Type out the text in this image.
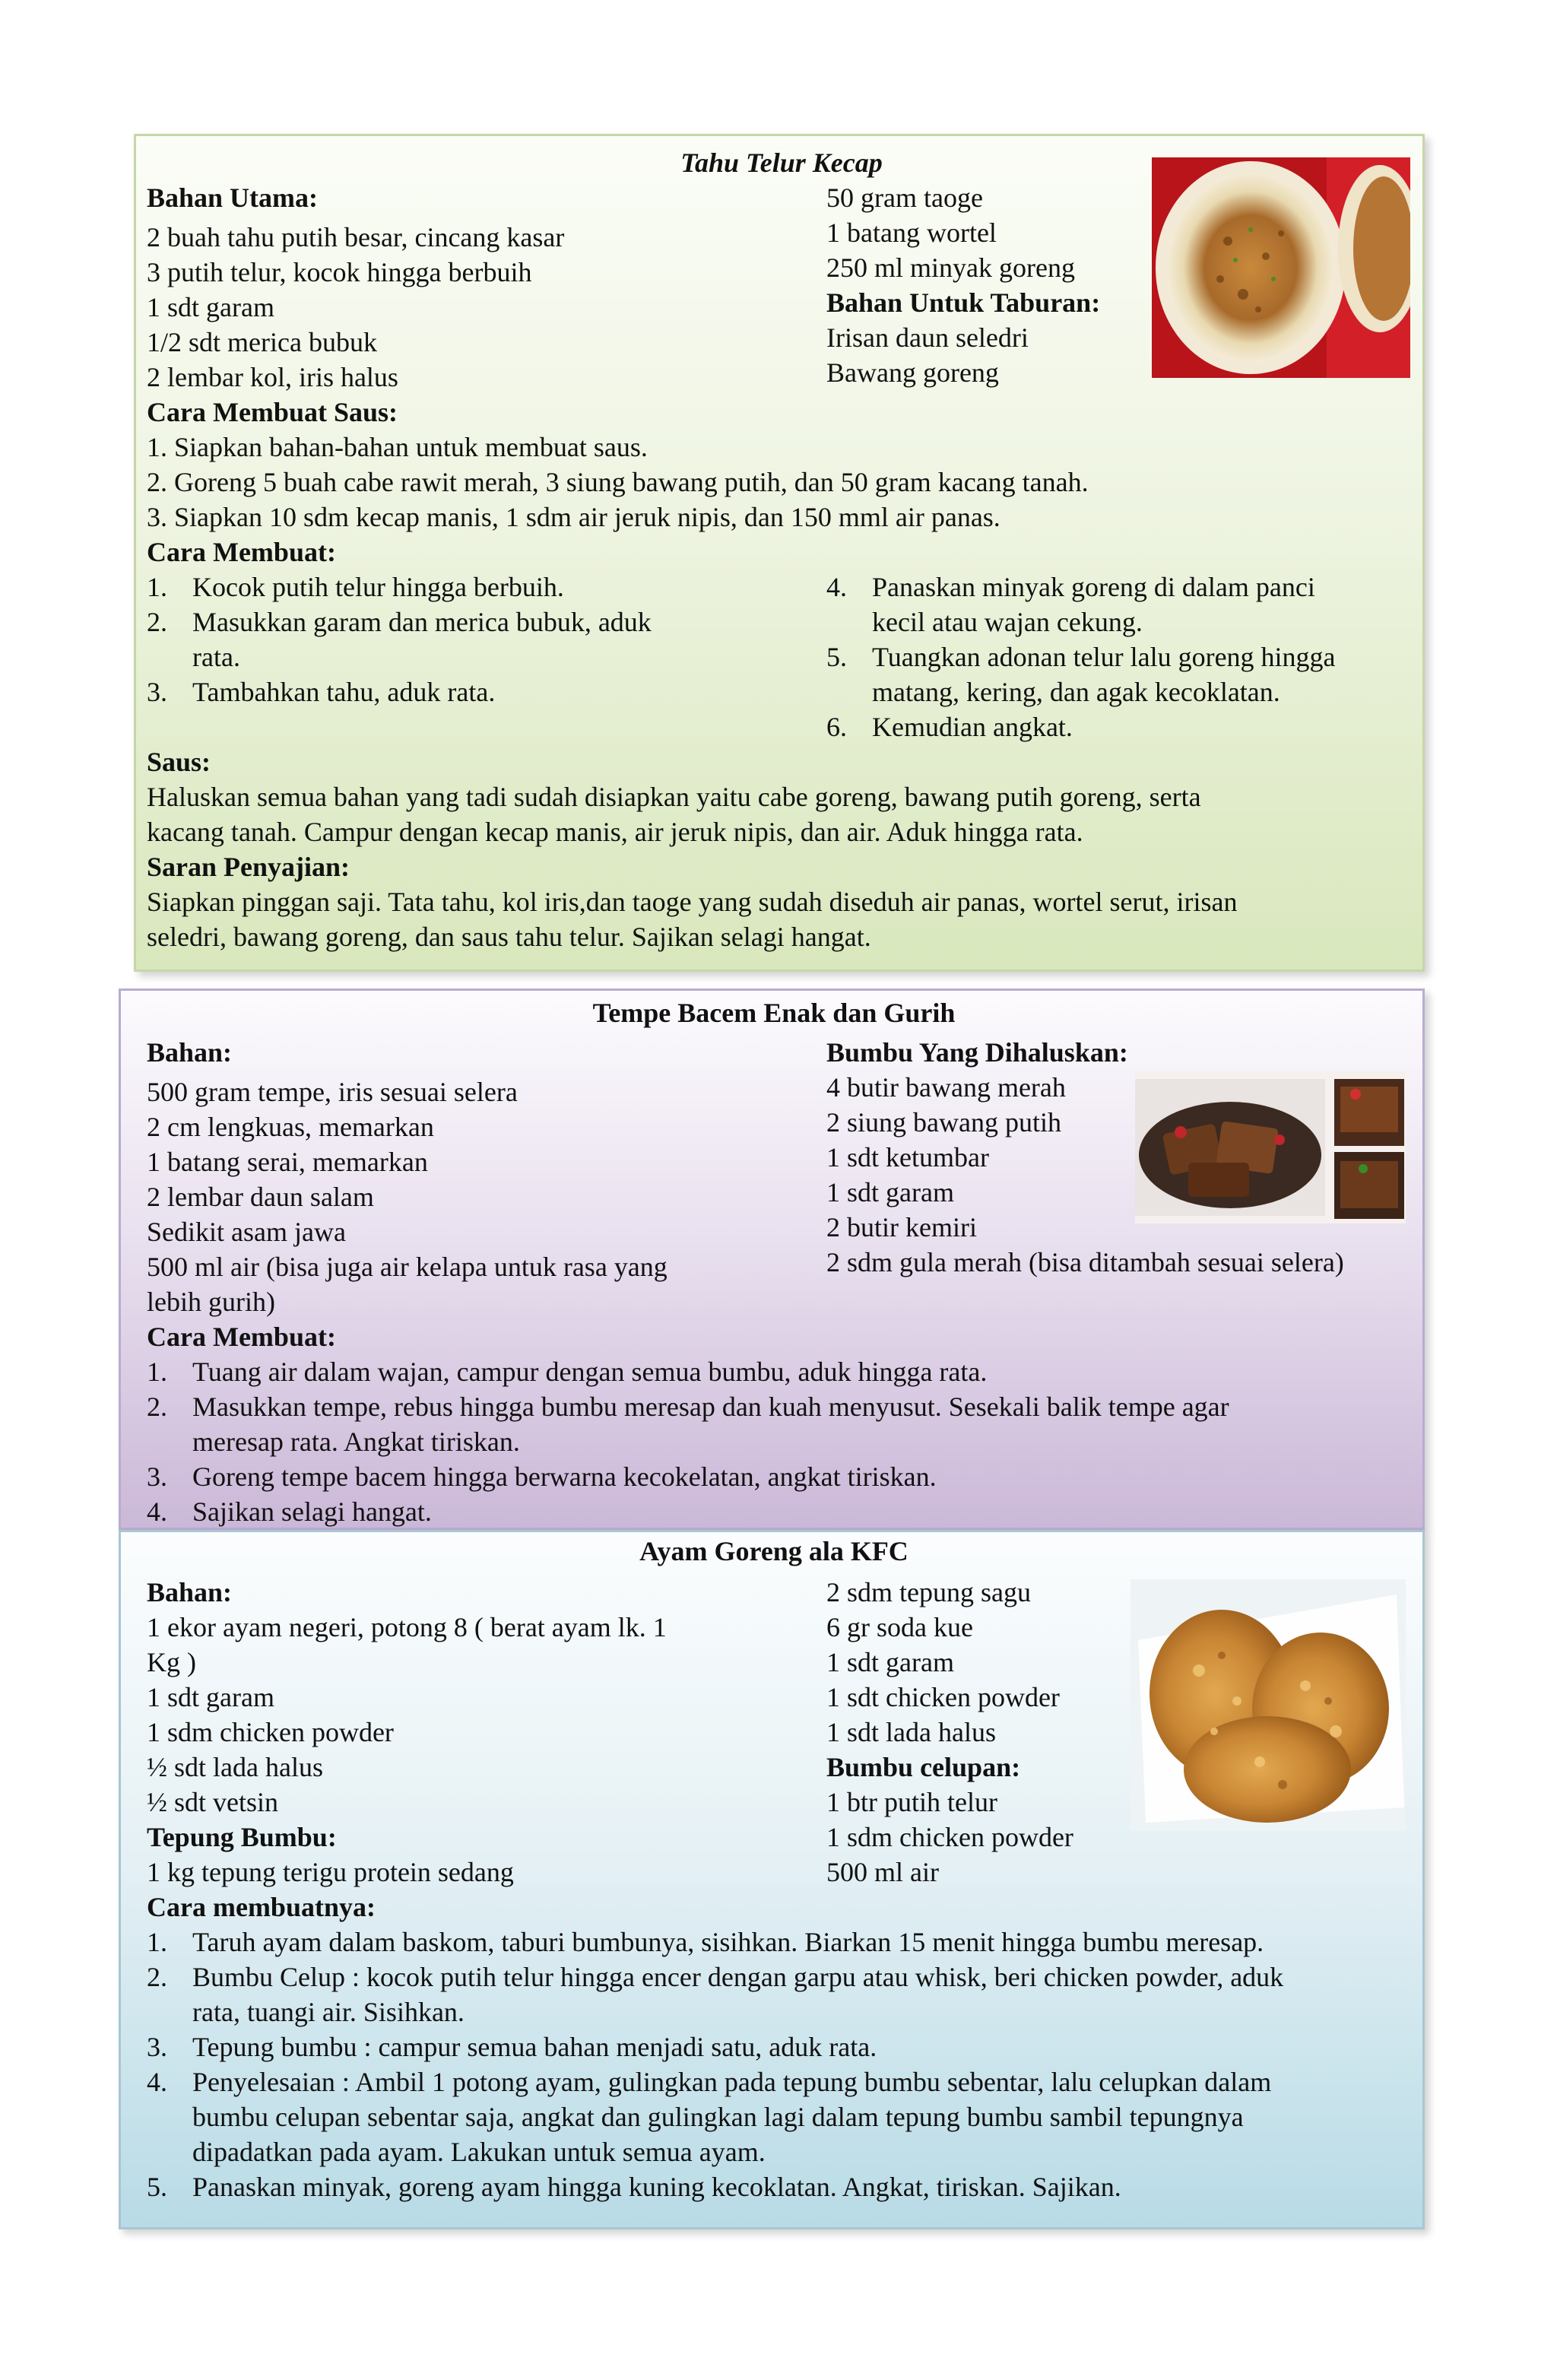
Tahu Telur Kecap
Bahan Utama:
2 buah tahu putih besar, cincang kasar
3 putih telur, kocok hingga berbuih
1 sdt garam
1/2 sdt merica bubuk
2 lembar kol, iris halus
50 gram taoge
1 batang wortel
250 ml minyak goreng
Bahan Untuk Taburan:
Irisan daun seledri
Bawang goreng
Cara Membuat Saus:
1. Siapkan bahan-bahan untuk membuat saus.
2. Goreng 5 buah cabe rawit merah, 3 siung bawang putih, dan 50 gram kacang tanah.
3. Siapkan 10 sdm kecap manis, 1 sdm air jeruk nipis, dan 150 mml air panas.
Cara Membuat:
1. Kocok putih telur hingga berbuih.
2. Masukkan garam dan merica bubuk, aduk
rata.
3. Tambahkan tahu, aduk rata.
4. Panaskan minyak goreng di dalam panci
kecil atau wajan cekung.
5. Tuangkan adonan telur lalu goreng hingga
matang, kering, dan agak kecoklatan.
6. Kemudian angkat.
Saus:
Haluskan semua bahan yang tadi sudah disiapkan yaitu cabe goreng, bawang putih goreng, serta
kacang tanah. Campur dengan kecap manis, air jeruk nipis, dan air. Aduk hingga rata.
Saran Penyajian:
Siapkan pinggan saji. Tata tahu, kol iris,dan taoge yang sudah diseduh air panas, wortel serut, irisan
seledri, bawang goreng, dan saus tahu telur. Sajikan selagi hangat.
Tempe Bacem Enak dan Gurih
Bahan:
500 gram tempe, iris sesuai selera
2 cm lengkuas, memarkan
1 batang serai, memarkan
2 lembar daun salam
Sedikit asam jawa
500 ml air (bisa juga air kelapa untuk rasa yang
lebih gurih)
Bumbu Yang Dihaluskan:
4 butir bawang merah
2 siung bawang putih
1 sdt ketumbar
1 sdt garam
2 butir kemiri
2 sdm gula merah (bisa ditambah sesuai selera)
Cara Membuat:
1. Tuang air dalam wajan, campur dengan semua bumbu, aduk hingga rata.
2. Masukkan tempe, rebus hingga bumbu meresap dan kuah menyusut. Sesekali balik tempe agar
meresap rata. Angkat tiriskan.
3. Goreng tempe bacem hingga berwarna kecokelatan, angkat tiriskan.
4. Sajikan selagi hangat.
Ayam Goreng ala KFC
Bahan:
1 ekor ayam negeri, potong 8 ( berat ayam lk. 1
Kg )
1 sdt garam
1 sdm chicken powder
½ sdt lada halus
½ sdt vetsin
Tepung Bumbu:
1 kg tepung terigu protein sedang
2 sdm tepung sagu
6 gr soda kue
1 sdt garam
1 sdt chicken powder
1 sdt lada halus
Bumbu celupan:
1 btr putih telur
1 sdm chicken powder
500 ml air
Cara membuatnya:
1. Taruh ayam dalam baskom, taburi bumbunya, sisihkan. Biarkan 15 menit hingga bumbu meresap.
2. Bumbu Celup : kocok putih telur hingga encer dengan garpu atau whisk, beri chicken powder, aduk
rata, tuangi air. Sisihkan.
3. Tepung bumbu : campur semua bahan menjadi satu, aduk rata.
4. Penyelesaian : Ambil 1 potong ayam, gulingkan pada tepung bumbu sebentar, lalu celupkan dalam
bumbu celupan sebentar saja, angkat dan gulingkan lagi dalam tepung bumbu sambil tepungnya
dipadatkan pada ayam. Lakukan untuk semua ayam.
5. Panaskan minyak, goreng ayam hingga kuning kecoklatan. Angkat, tiriskan. Sajikan.
